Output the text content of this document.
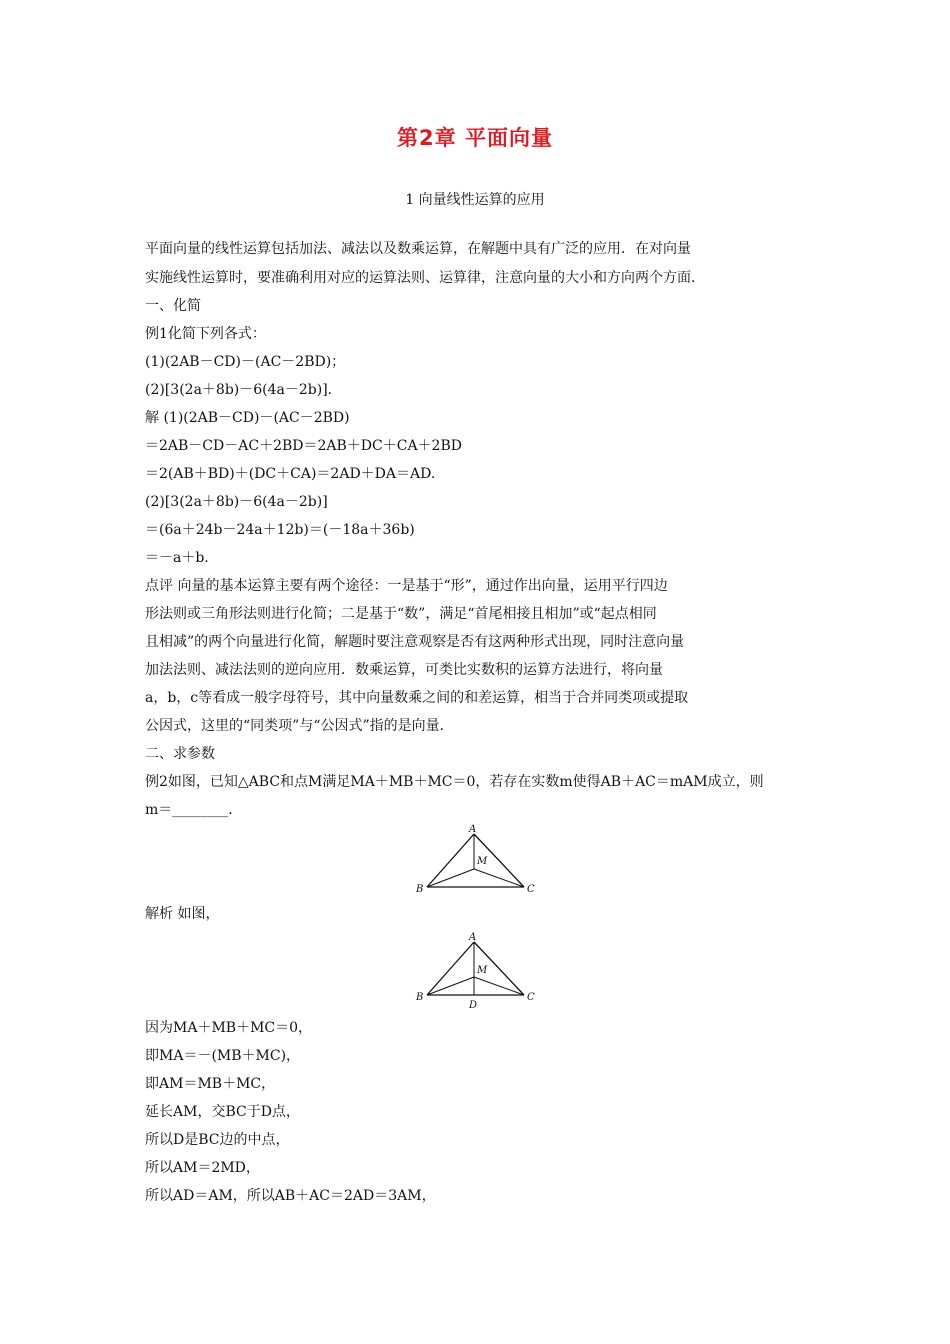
第2章 平面向量
1 向量线性运算的应用
平面向量的线性运算包括加法、减法以及数乘运算，在解题中具有广泛的应用．在对向量
实施线性运算时，要准确利用对应的运算法则、运算律，注意向量的大小和方向两个方面．
一、化简
例1化简下列各式：
(1)(2AB－CD)－(AC－2BD)；
(2)[3(2a＋8b)－6(4a－2b)]．
解 (1)(2AB－CD)－(AC－2BD)
＝2AB－CD－AC＋2BD＝2AB＋DC＋CA＋2BD
＝2(AB＋BD)＋(DC＋CA)＝2AD＋DA＝AD.
(2)[3(2a＋8b)－6(4a－2b)]
＝(6a＋24b－24a＋12b)＝(－18a＋36b)
＝－a＋b.
点评 向量的基本运算主要有两个途径：一是基于“形”，通过作出向量，运用平行四边
形法则或三角形法则进行化简；二是基于“数”，满足“首尾相接且相加”或“起点相同
且相减”的两个向量进行化简，解题时要注意观察是否有这两种形式出现，同时注意向量
加法法则、减法法则的逆向应用．数乘运算，可类比实数积的运算方法进行，将向量
a，b，c等看成一般字母符号，其中向量数乘之间的和差运算，相当于合并同类项或提取
公因式，这里的“同类项”与“公因式”指的是向量．
二、求参数
例2如图，已知△ABC和点M满足MA＋MB＋MC＝0，若存在实数m使得AB＋AC＝mAM成立，则
m＝________．
A
M
B	C
解析 如图，
A
M
B	C
D
因为MA＋MB＋MC＝0，
即MA＝－(MB＋MC)，
即AM＝MB＋MC，
延长AM，交BC于D点，
所以D是BC边的中点，
所以AM＝2MD，
所以AD＝AM，所以AB＋AC＝2AD＝3AM，
